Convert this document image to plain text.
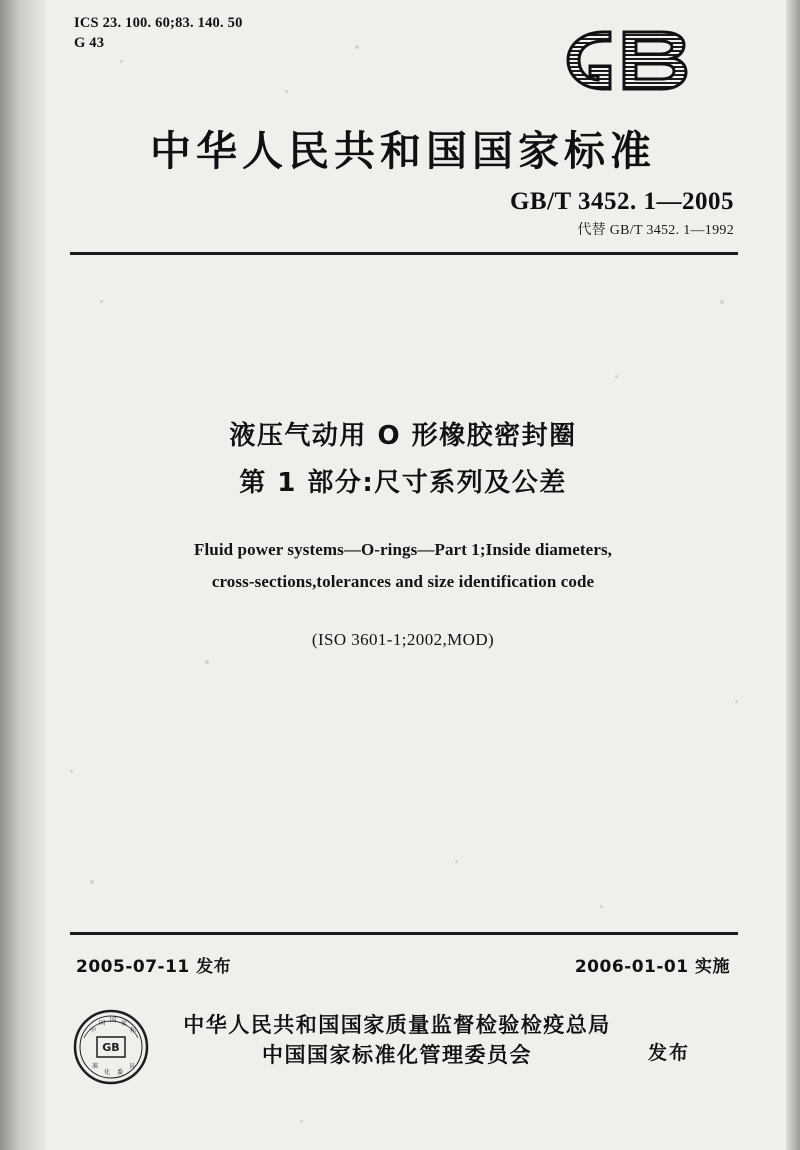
ICS 23. 100. 60;83. 140. 50
G 43
中华人民共和国国家标准
GB/T 3452. 1—2005
代替 GB/T 3452. 1—1992
液压气动用 O 形橡胶密封圈
第 1 部分:尺寸系列及公差
Fluid power systems—O-rings—Part 1;Inside diameters,
cross-sections,tolerances and size identification code
(ISO 3601-1;2002,MOD)
2005-07-11 发布	2006-01-01 实施
GB
中
国 国 家
标
准
化 委
员
中华人民共和国国家质量监督检验检疫总局
中国国家标准化管理委员会	发布
